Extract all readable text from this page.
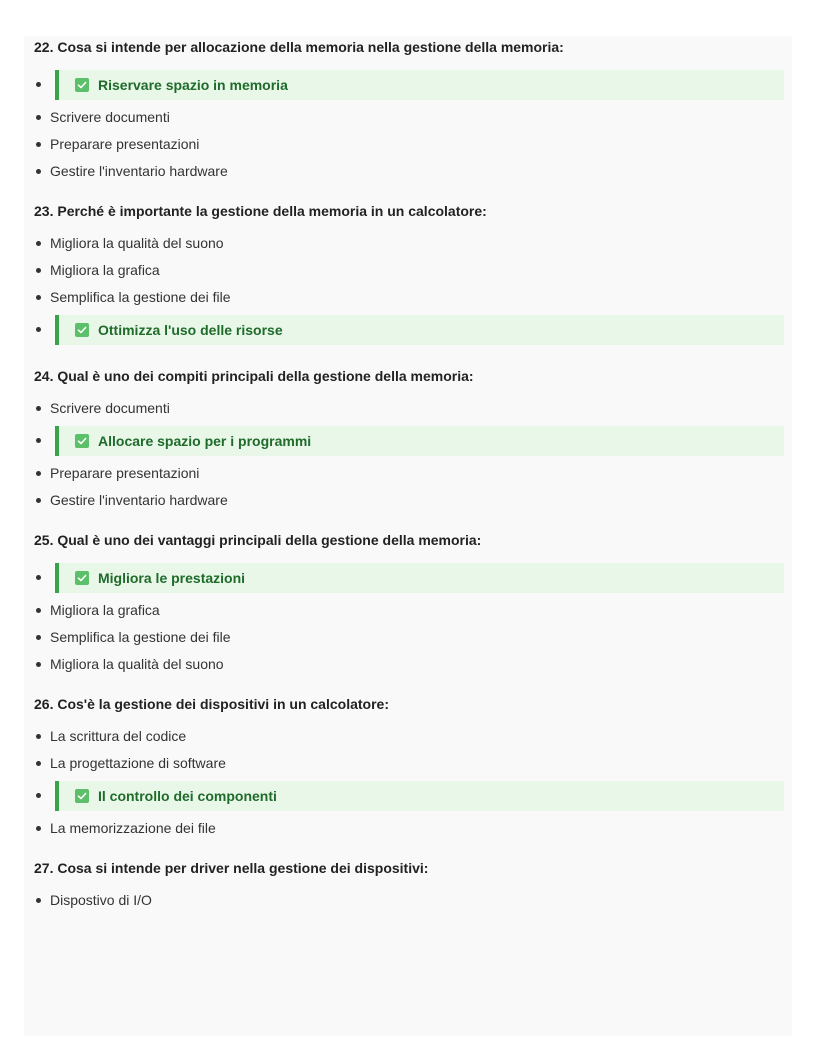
22. Cosa si intende per allocazione della memoria nella gestione della memoria:
Riservare spazio in memoria
Scrivere documenti
Preparare presentazioni
Gestire l'inventario hardware
23. Perché è importante la gestione della memoria in un calcolatore:
Migliora la qualità del suono
Migliora la grafica
Semplifica la gestione dei file
Ottimizza l'uso delle risorse
24. Qual è uno dei compiti principali della gestione della memoria:
Scrivere documenti
Allocare spazio per i programmi
Preparare presentazioni
Gestire l'inventario hardware
25. Qual è uno dei vantaggi principali della gestione della memoria:
Migliora le prestazioni
Migliora la grafica
Semplifica la gestione dei file
Migliora la qualità del suono
26. Cos'è la gestione dei dispositivi in un calcolatore:
La scrittura del codice
La progettazione di software
Il controllo dei componenti
La memorizzazione dei file
27. Cosa si intende per driver nella gestione dei dispositivi:
Dispostivo di I/O
